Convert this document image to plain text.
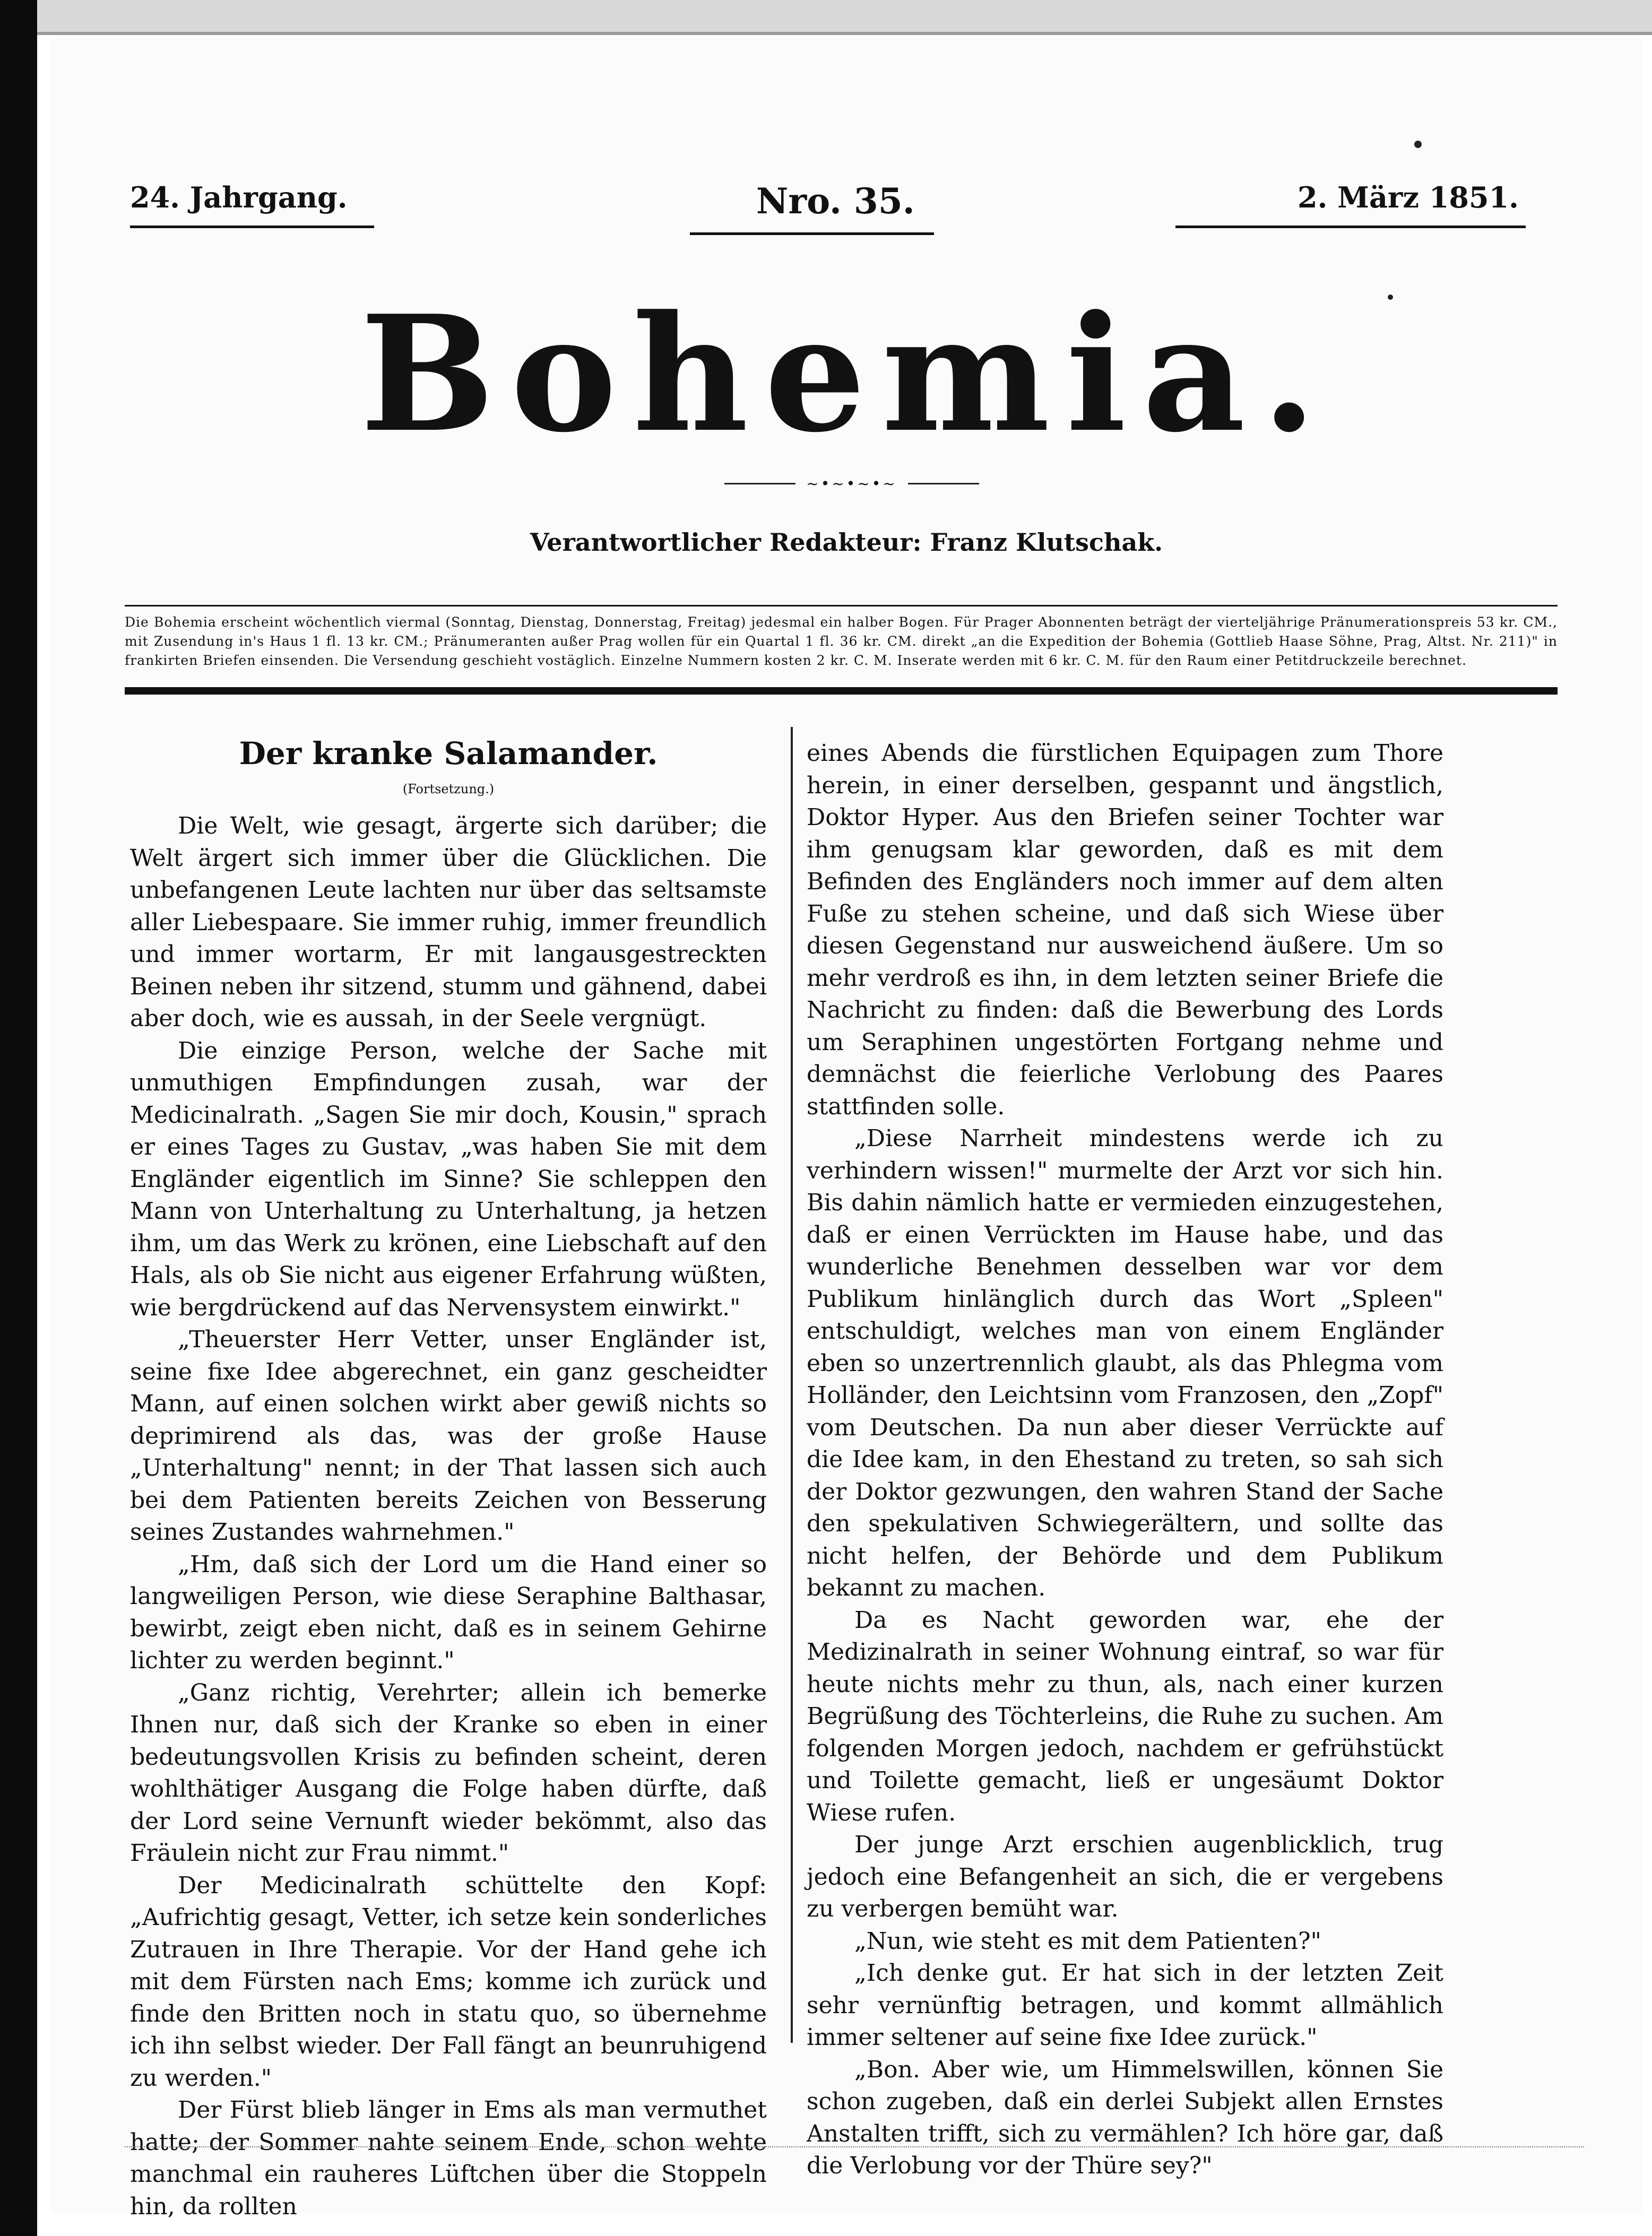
24. Jahrgang.	Nro. 35.	2. März 1851.
Bohemia.
~•~•~•~
Verantwortlicher Redakteur: Franz Klutschak.
Die Bohemia erscheint wöchentlich viermal (Sonntag, Dienstag, Donnerstag, Freitag) jedesmal ein halber Bogen. Für Prager Abonnenten beträgt der vierteljährige Pränumerationspreis 53 kr. CM., mit Zusendung in's Haus 1 fl. 13 kr. CM.; Pränumeranten außer Prag wollen für ein Quartal 1 fl. 36 kr. CM. direkt „an die Expedition der Bohemia (Gottlieb Haase Söhne, Prag, Altst. Nr. 211)" in frankirten Briefen einsenden. Die Versendung geschieht vostäglich. Einzelne Nummern kosten 2 kr. C. M. Inserate werden mit 6 kr. C. M. für den Raum einer Petitdruckzeile berechnet.
Der kranke Salamander.
(Fortsetzung.)

Die Welt, wie gesagt, ärgerte sich darüber; die Welt ärgert sich immer über die Glücklichen. Die unbefangenen Leute lachten nur über das seltsamste aller Liebespaare. Sie immer ruhig, immer freundlich und immer wortarm, Er mit langausgestreckten Beinen neben ihr sitzend, stumm und gähnend, dabei aber doch, wie es aussah, in der Seele vergnügt.

Die einzige Person, welche der Sache mit unmuthigen Empfindungen zusah, war der Medicinalrath. „Sagen Sie mir doch, Kousin," sprach er eines Tages zu Gustav, „was haben Sie mit dem Engländer eigentlich im Sinne? Sie schleppen den Mann von Unterhaltung zu Unterhaltung, ja hetzen ihm, um das Werk zu krönen, eine Liebschaft auf den Hals, als ob Sie nicht aus eigener Erfahrung wüßten, wie bergdrückend auf das Nervensystem einwirkt."

„Theuerster Herr Vetter, unser Engländer ist, seine fixe Idee abgerechnet, ein ganz gescheidter Mann, auf einen solchen wirkt aber gewiß nichts so deprimirend als das, was der große Hause „Unterhaltung" nennt; in der That lassen sich auch bei dem Patienten bereits Zeichen von Besserung seines Zustandes wahrnehmen."

„Hm, daß sich der Lord um die Hand einer so langweiligen Person, wie diese Seraphine Balthasar, bewirbt, zeigt eben nicht, daß es in seinem Gehirne lichter zu werden beginnt."

„Ganz richtig, Verehrter; allein ich bemerke Ihnen nur, daß sich der Kranke so eben in einer bedeutungsvollen Krisis zu befinden scheint, deren wohlthätiger Ausgang die Folge haben dürfte, daß der Lord seine Vernunft wieder bekömmt, also das Fräulein nicht zur Frau nimmt."

Der Medicinalrath schüttelte den Kopf: „Aufrichtig gesagt, Vetter, ich setze kein sonderliches Zutrauen in Ihre Therapie. Vor der Hand gehe ich mit dem Fürsten nach Ems; komme ich zurück und finde den Britten noch in statu quo, so übernehme ich ihn selbst wieder. Der Fall fängt an beunruhigend zu werden."

Der Fürst blieb länger in Ems als man vermuthet hatte; der Sommer nahte seinem Ende, schon wehte manchmal ein rauheres Lüftchen über die Stoppeln hin, da rollten

eines Abends die fürstlichen Equipagen zum Thore herein, in einer derselben, gespannt und ängstlich, Doktor Hyper. Aus den Briefen seiner Tochter war ihm genugsam klar geworden, daß es mit dem Befinden des Engländers noch immer auf dem alten Fuße zu stehen scheine, und daß sich Wiese über diesen Gegenstand nur ausweichend äußere. Um so mehr verdroß es ihn, in dem letzten seiner Briefe die Nachricht zu finden: daß die Bewerbung des Lords um Seraphinen ungestörten Fortgang nehme und demnächst die feierliche Verlobung des Paares stattfinden solle.

„Diese Narrheit mindestens werde ich zu verhindern wissen!" murmelte der Arzt vor sich hin. Bis dahin nämlich hatte er vermieden einzugestehen, daß er einen Verrückten im Hause habe, und das wunderliche Benehmen desselben war vor dem Publikum hinlänglich durch das Wort „Spleen" entschuldigt, welches man von einem Engländer eben so unzertrennlich glaubt, als das Phlegma vom Holländer, den Leichtsinn vom Franzosen, den „Zopf" vom Deutschen. Da nun aber dieser Verrückte auf die Idee kam, in den Ehestand zu treten, so sah sich der Doktor gezwungen, den wahren Stand der Sache den spekulativen Schwiegerältern, und sollte das nicht helfen, der Behörde und dem Publikum bekannt zu machen.

Da es Nacht geworden war, ehe der Medizinalrath in seiner Wohnung eintraf, so war für heute nichts mehr zu thun, als, nach einer kurzen Begrüßung des Töchterleins, die Ruhe zu suchen. Am folgenden Morgen jedoch, nachdem er gefrühstückt und Toilette gemacht, ließ er ungesäumt Doktor Wiese rufen.

Der junge Arzt erschien augenblicklich, trug jedoch eine Befangenheit an sich, die er vergebens zu verbergen bemüht war.

„Nun, wie steht es mit dem Patienten?"

„Ich denke gut. Er hat sich in der letzten Zeit sehr vernünftig betragen, und kommt allmählich immer seltener auf seine fixe Idee zurück."

„Bon. Aber wie, um Himmelswillen, können Sie schon zugeben, daß ein derlei Subjekt allen Ernstes Anstalten trifft, sich zu vermählen? Ich höre gar, daß die Verlobung vor der Thüre sey?"
